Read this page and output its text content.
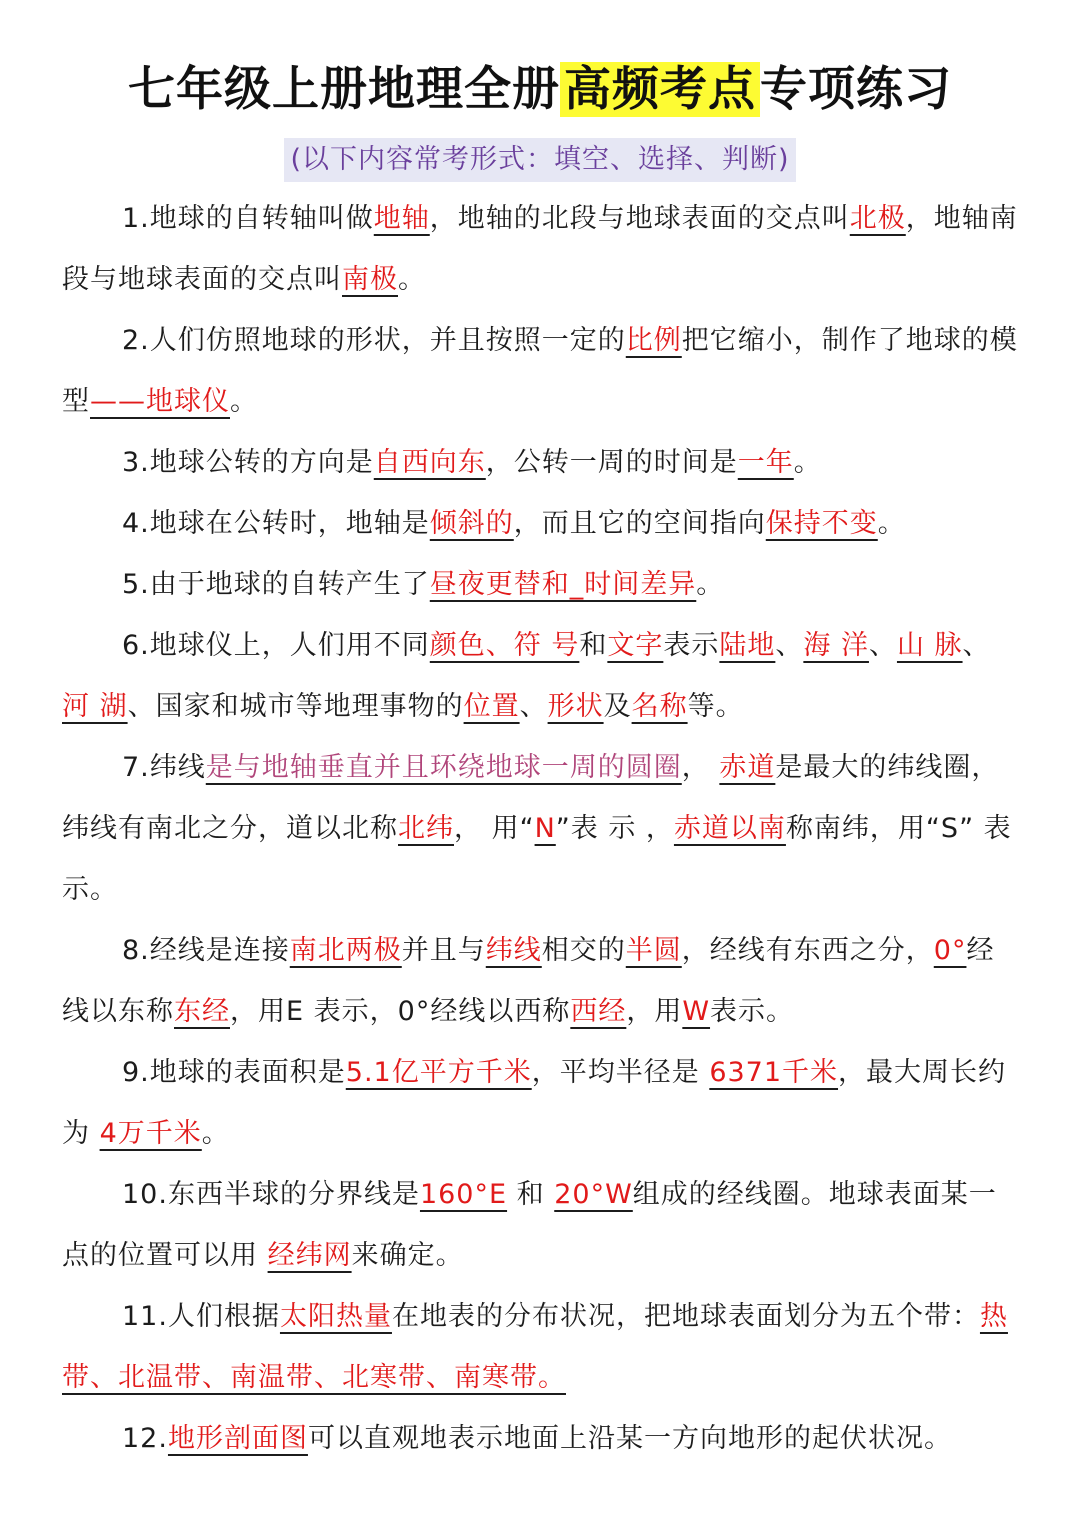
七年级上册地理全册高频考点专项练习
(以下内容常考形式：填空、选择、判断)

1.地球的自转轴叫做地轴，地轴的北段与地球表面的交点叫北极，地轴南 段与地球表面的交点叫南极。

2.人们仿照地球的形状，并且按照一定的比例把它缩小，制作了地球的模 型——地球仪。

3.地球公转的方向是自西向东，公转一周的时间是一年。

4.地球在公转时，地轴是倾斜的，而且它的空间指向保持不变。

5.由于地球的自转产生了昼夜更替和_时间差异。

6.地球仪上，人们用不同颜色、符 号和文字表示陆地、海 洋、山 脉、河 湖、国家和城市等地理事物的位置、形状及名称等。

7.纬线是与地轴垂直并且环绕地球一周的圆圈， 赤道是最大的纬线圈， 纬线有南北之分，道以北称北纬， 用“N”表 示 ，赤道以南称南纬，用“S” 表示。

8.经线是连接南北两极并且与纬线相交的半圆，经线有东西之分，0°经线以东称东经，用E 表示，0°经线以西称西经，用W表示。

9.地球的表面积是5.1亿平方千米，平均半径是 6371千米，最大周长约为 4万千米。

10.东西半球的分界线是160°E 和 20°W组成的经线圈。地球表面某一 点的位置可以用 经纬网来确定。

11.人们根据太阳热量在地表的分布状况，把地球表面划分为五个带：热 带、北温带、南温带、北寒带、南寒带。

12.地形剖面图可以直观地表示地面上沿某一方向地形的起伏状况。
